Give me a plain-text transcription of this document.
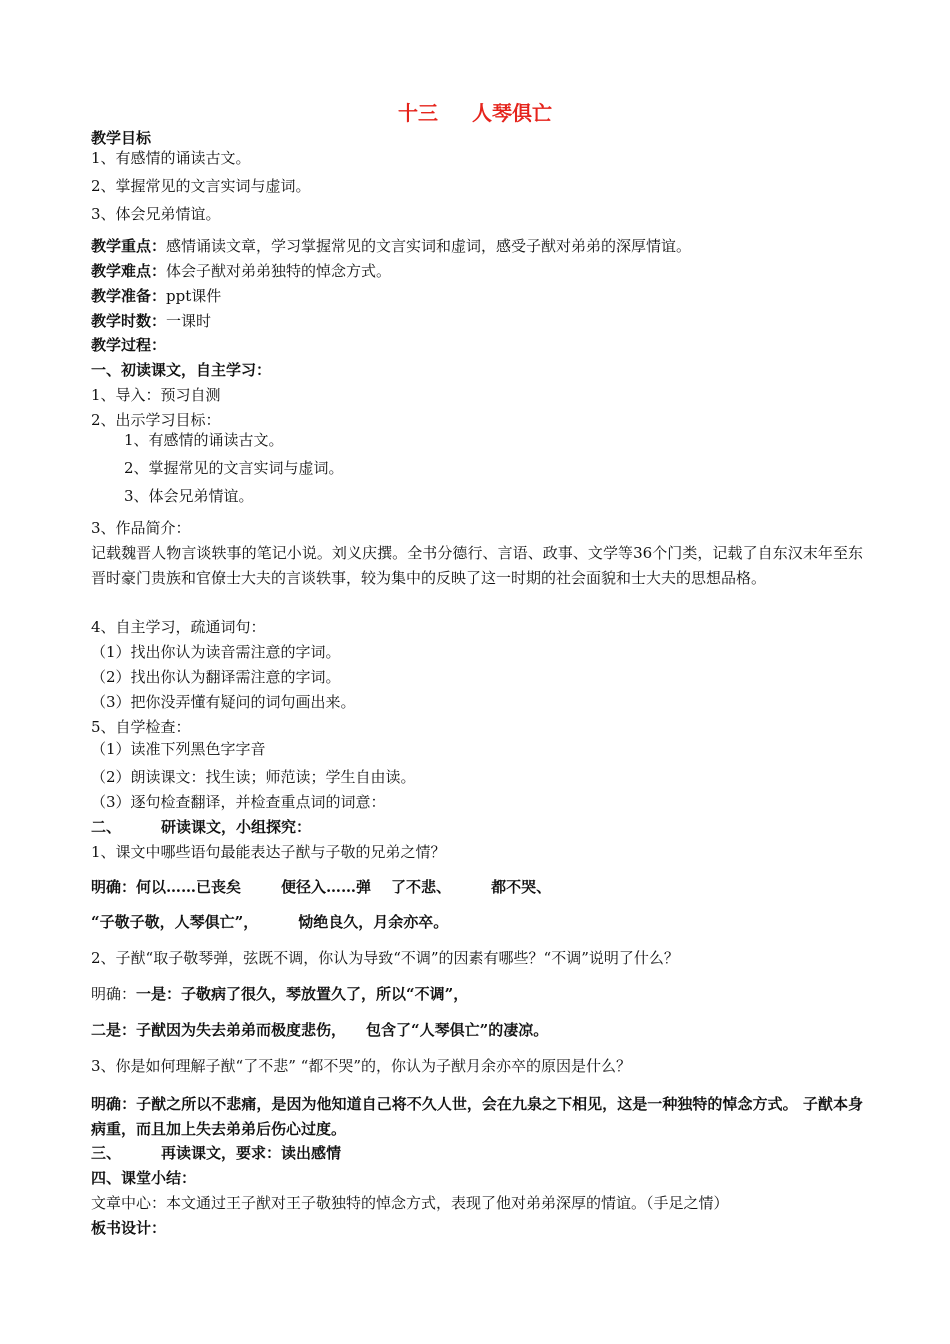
十三 人琴俱亡
教学目标
1、有感情的诵读古文。
2、掌握常见的文言实词与虚词。
3、体会兄弟情谊。
教学重点：感情诵读文章，学习掌握常见的文言实词和虚词，感受子猷对弟弟的深厚情谊。
教学难点：体会子猷对弟弟独特的悼念方式。
教学准备：ppt课件
教学时数：一课时
教学过程：
一、初读课文，自主学习：
1、导入：预习自测
2、出示学习目标：
1、有感情的诵读古文。
2、掌握常见的文言实词与虚词。
3、体会兄弟情谊。
3、作品简介：
记载魏晋人物言谈轶事的笔记小说。刘义庆撰。全书分德行、言语、政事、文学等36个门类，记载了自东汉末年至东晋时豪门贵族和官僚士大夫的言谈轶事，较为集中的反映了这一时期的社会面貌和士大夫的思想品格。
4、自主学习，疏通词句：
（1）找出你认为读音需注意的字词。
（2）找出你认为翻译需注意的字词。
（3）把你没弄懂有疑问的词句画出来。
5、自学检查：
（1）读准下列黑色字字音
（2）朗读课文：找生读；师范读；学生自由读。
（3）逐句检查翻译，并检查重点词的词意：
二、	研读课文，小组探究：
1、课文中哪些语句最能表达子猷与子敬的兄弟之情？
明确：何以……已丧矣	便径入……弹 了不悲、	都不哭、
“子敬子敬，人琴俱亡”，	恸绝良久，月余亦卒。
2、子猷“取子敬琴弹，弦既不调，你认为导致“不调”的因素有哪些？“不调”说明了什么？
明确：一是：子敬病了很久，琴放置久了，所以“不调”，
二是：子猷因为失去弟弟而极度悲伤， 包含了“人琴俱亡”的凄凉。
3、你是如何理解子猷“了不悲” “都不哭”的，你认为子猷月余亦卒的原因是什么？
明确：子猷之所以不悲痛，是因为他知道自己将不久人世，会在九泉之下相见，这是一种独特的悼念方式。 子猷本身病重，而且加上失去弟弟后伤心过度。
三、	再读课文，要求：读出感情
四、课堂小结：
文章中心：本文通过王子猷对王子敬独特的悼念方式，表现了他对弟弟深厚的情谊。（手足之情）
板书设计：
